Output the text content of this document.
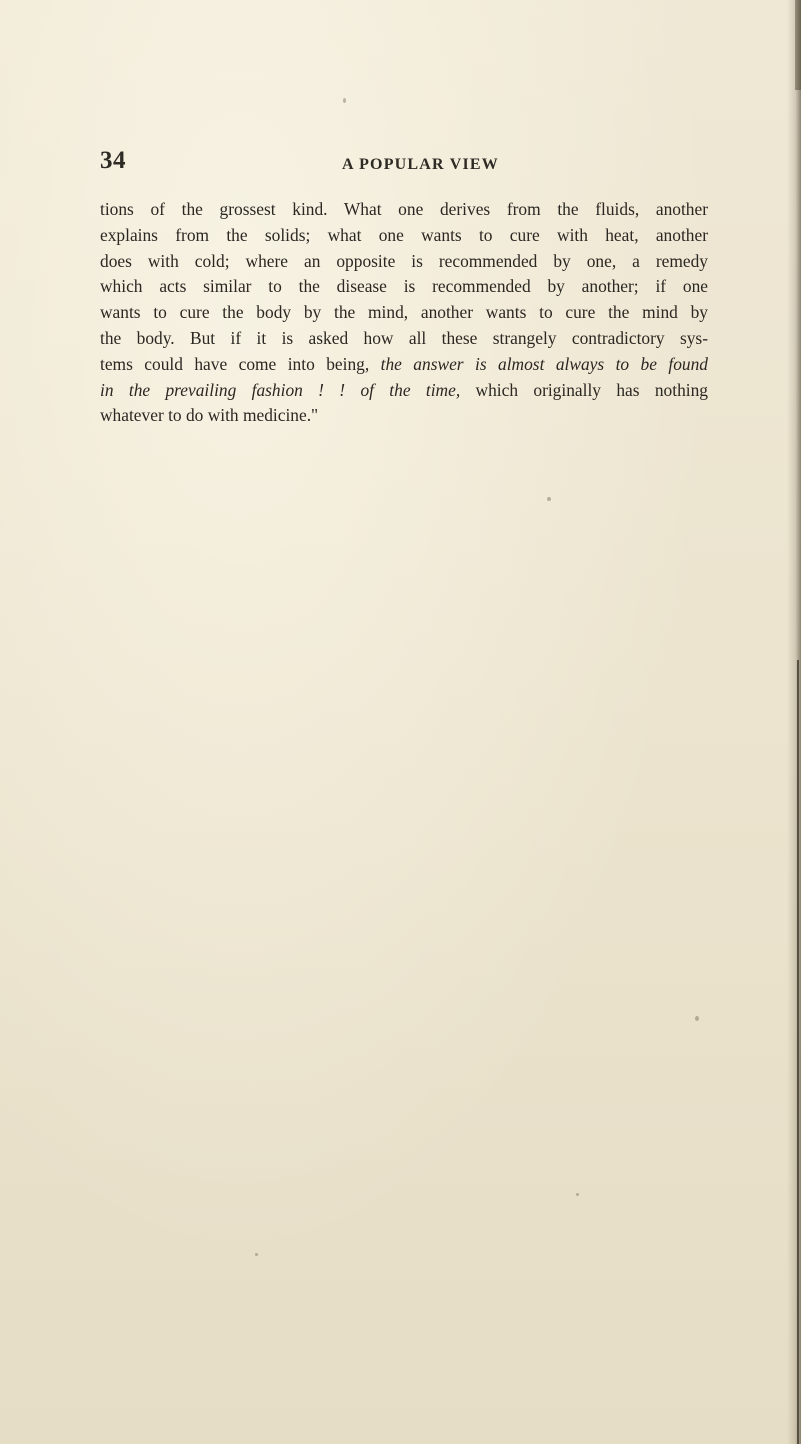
34	A POPULAR VIEW
tions of the grossest kind. What one derives from the fluids, another
explains from the solids; what one wants to cure with heat, another
does with cold; where an opposite is recommended by one, a remedy
which acts similar to the disease is recommended by another; if one
wants to cure the body by the mind, another wants to cure the mind by
the body. But if it is asked how all these strangely contradictory sys-
tems could have come into being, the answer is almost always to be found
in the prevailing fashion ! ! of the time, which originally has nothing
whatever to do with medicine."
